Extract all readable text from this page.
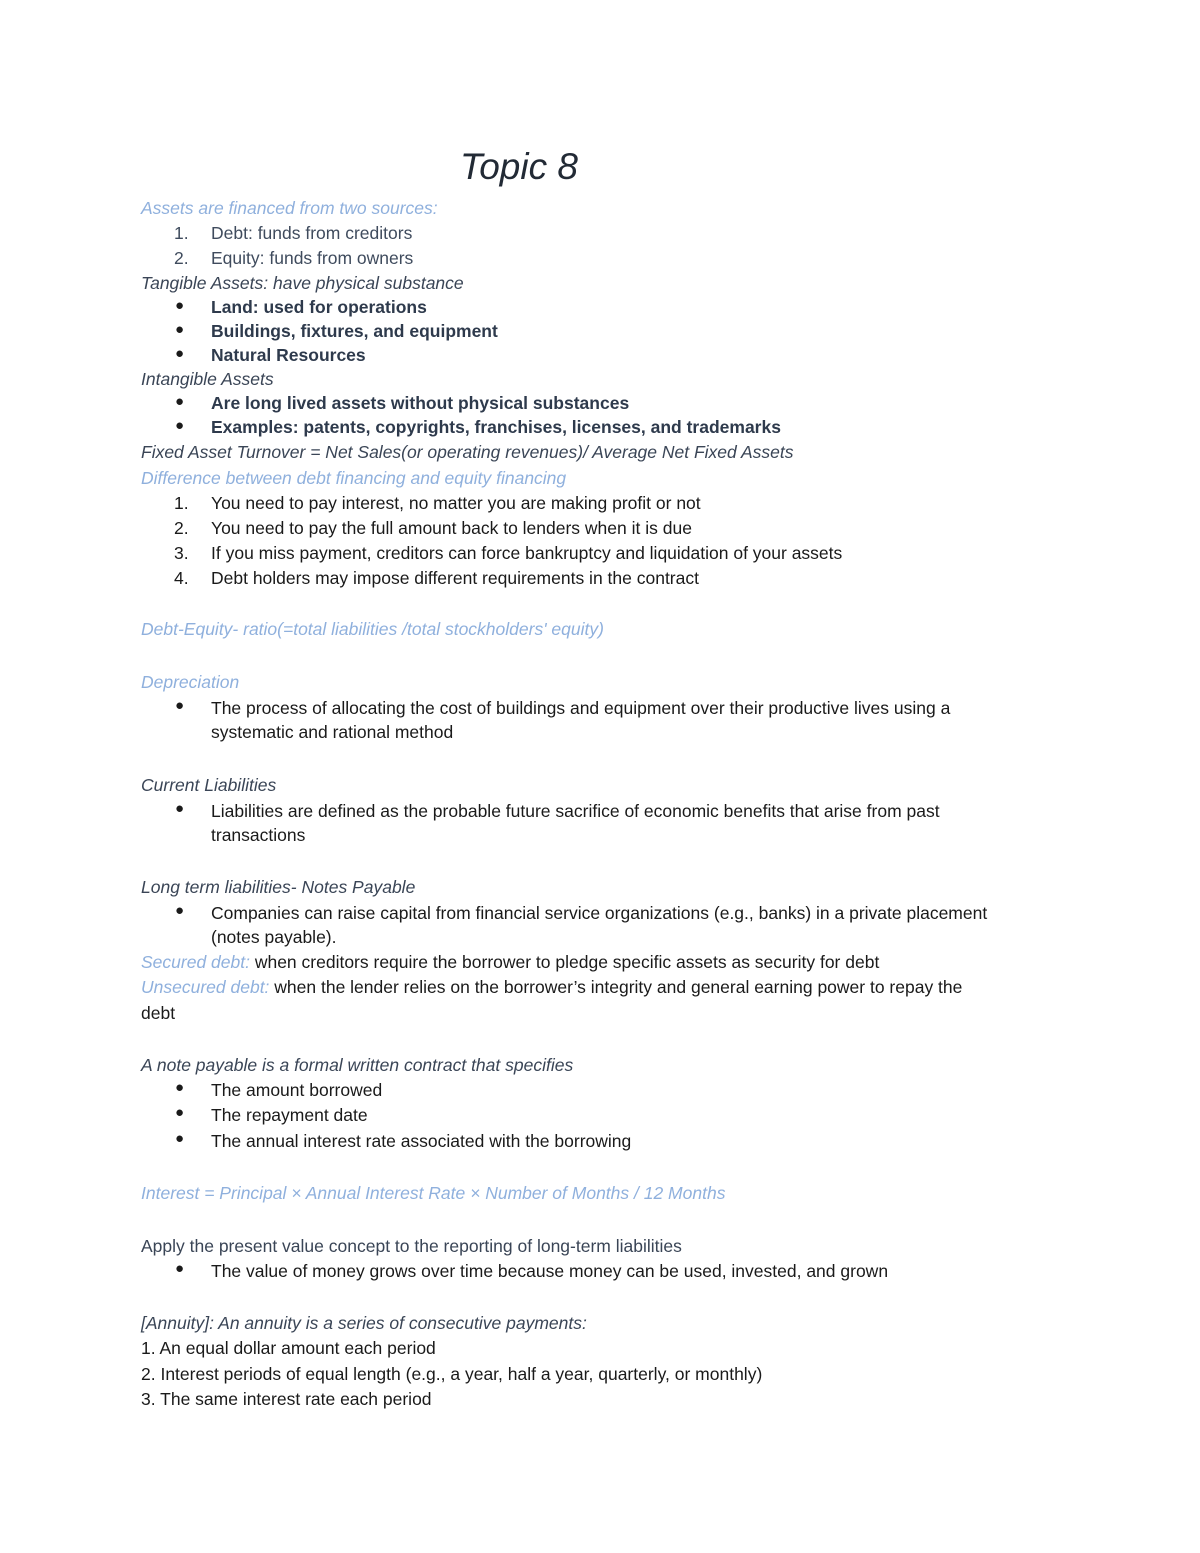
Topic 8
Assets are financed from two sources:
1. Debt: funds from creditors
2. Equity: funds from owners
Tangible Assets: have physical substance
● Land: used for operations
● Buildings, fixtures, and equipment
● Natural Resources
Intangible Assets
● Are long lived assets without physical substances
● Examples: patents, copyrights, franchises, licenses, and trademarks
Fixed Asset Turnover = Net Sales(or operating revenues)/ Average Net Fixed Assets
Difference between debt financing and equity financing
1. You need to pay interest, no matter you are making profit or not
2. You need to pay the full amount back to lenders when it is due
3. If you miss payment, creditors can force bankruptcy and liquidation of your assets
4. Debt holders may impose different requirements in the contract
Debt-Equity- ratio(=total liabilities /total stockholders' equity)
Depreciation
● The process of allocating the cost of buildings and equipment over their productive lives using a
systematic and rational method
Current Liabilities
● Liabilities are defined as the probable future sacrifice of economic benefits that arise from past
transactions
Long term liabilities- Notes Payable
● Companies can raise capital from financial service organizations (e.g., banks) in a private placement
(notes payable).
Secured debt: when creditors require the borrower to pledge specific assets as security for debt
Unsecured debt: when the lender relies on the borrower’s integrity and general earning power to repay the
debt
A note payable is a formal written contract that specifies
● The amount borrowed
● The repayment date
● The annual interest rate associated with the borrowing
Interest = Principal × Annual Interest Rate × Number of Months / 12 Months
Apply the present value concept to the reporting of long-term liabilities
● The value of money grows over time because money can be used, invested, and grown
[Annuity]: An annuity is a series of consecutive payments:
1. An equal dollar amount each period
2. Interest periods of equal length (e.g., a year, half a year, quarterly, or monthly)
3. The same interest rate each period
